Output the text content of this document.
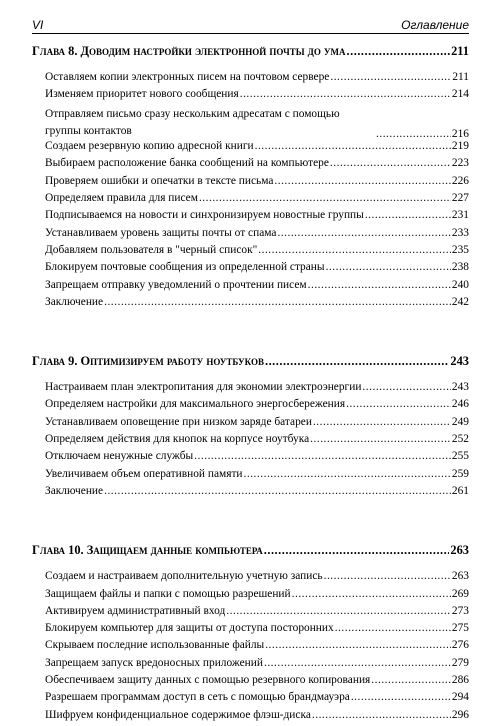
VI	Оглавление
Глава 8. Доводим настройки электронной почты до ума .....	211
Оставляем копии электронных писем на почтовом сервере .....	211
Изменяем приоритет нового сообщения .....	214
Отправляем письмо сразу нескольким адресатам с помощью группы контактов .....	216
Создаем резервную копию адресной книги .....	219
Выбираем расположение банка сообщений на компьютере .....	223
Проверяем ошибки и опечатки в тексте письма .....	226
Определяем правила для писем .....	227
Подписываемся на новости и синхронизируем новостные группы .....	231
Устанавливаем уровень защиты почты от спама .....	233
Добавляем пользователя в "черный список" .....	235
Блокируем почтовые сообщения из определенной страны .....	238
Запрещаем отправку уведомлений о прочтении писем .....	240
Заключение .....	242
Глава 9. Оптимизируем работу ноутбуков .....	243
Настраиваем план электропитания для экономии электроэнергии .....	243
Определяем настройки для максимального энергосбережения .....	246
Устанавливаем оповещение при низком заряде батареи .....	249
Определяем действия для кнопок на корпусе ноутбука .....	252
Отключаем ненужные службы .....	255
Увеличиваем объем оперативной памяти .....	259
Заключение .....	261
Глава 10. Защищаем данные компьютера .....	263
Создаем и настраиваем дополнительную учетную запись .....	263
Защищаем файлы и папки с помощью разрешений .....	269
Активируем административный вход .....	273
Блокируем компьютер для защиты от доступа посторонних .....	275
Скрываем последние использованные файлы .....	276
Запрещаем запуск вредоносных приложений .....	279
Обеспечиваем защиту данных с помощью резервного копирования .....	286
Разрешаем программам доступ в сеть с помощью брандмауэра .....	294
Шифруем конфиденциальное содержимое флэш-диска .....	296
